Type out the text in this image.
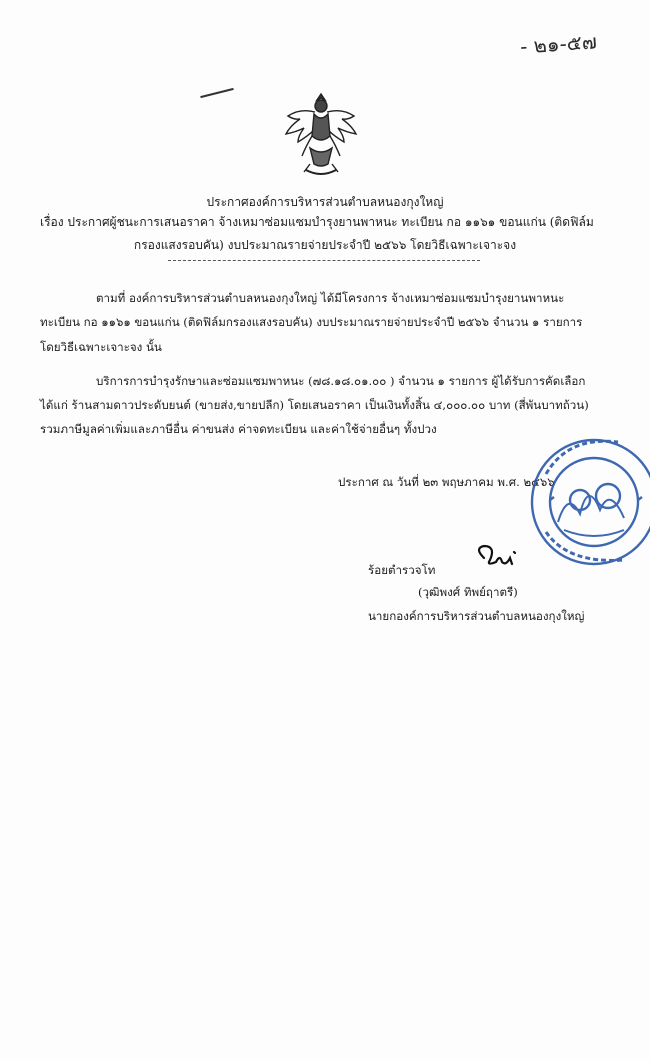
- ๒๑-๕๗
ประกาศองค์การบริหารส่วนตำบลหนองกุงใหญ่
เรื่อง ประกาศผู้ชนะการเสนอราคา จ้างเหมาซ่อมแซมบำรุงยานพาหนะ ทะเบียน กอ ๑๑๖๑ ขอนแก่น (ติดฟิล์ม
กรองแสงรอบคัน) งบประมาณรายจ่ายประจำปี ๒๕๖๖ โดยวิธีเฉพาะเจาะจง
ตามที่ องค์การบริหารส่วนตำบลหนองกุงใหญ่ ได้มีโครงการ จ้างเหมาซ่อมแซมบำรุงยานพาหนะ
ทะเบียน กอ ๑๑๖๑ ขอนแก่น (ติดฟิล์มกรองแสงรอบคัน) งบประมาณรายจ่ายประจำปี ๒๕๖๖ จำนวน ๑ รายการ
โดยวิธีเฉพาะเจาะจง นั้น
บริการการบำรุงรักษาและซ่อมแซมพาหนะ (๗๘.๑๘.๐๑.๐๐ ) จำนวน ๑ รายการ ผู้ได้รับการคัดเลือก
ได้แก่ ร้านสามดาวประดับยนต์ (ขายส่ง,ขายปลีก) โดยเสนอราคา เป็นเงินทั้งสิ้น ๔,๐๐๐.๐๐ บาท (สี่พันบาทถ้วน)
รวมภาษีมูลค่าเพิ่มและภาษีอื่น ค่าขนส่ง ค่าจดทะเบียน และค่าใช้จ่ายอื่นๆ ทั้งปวง
ประกาศ ณ วันที่ ๒๓ พฤษภาคม พ.ศ. ๒๕๖๖
ร้อยตำรวจโท
(วุฒิพงศ์ ทิพย์ฤาตรี)
นายกองค์การบริหารส่วนตำบลหนองกุงใหญ่
